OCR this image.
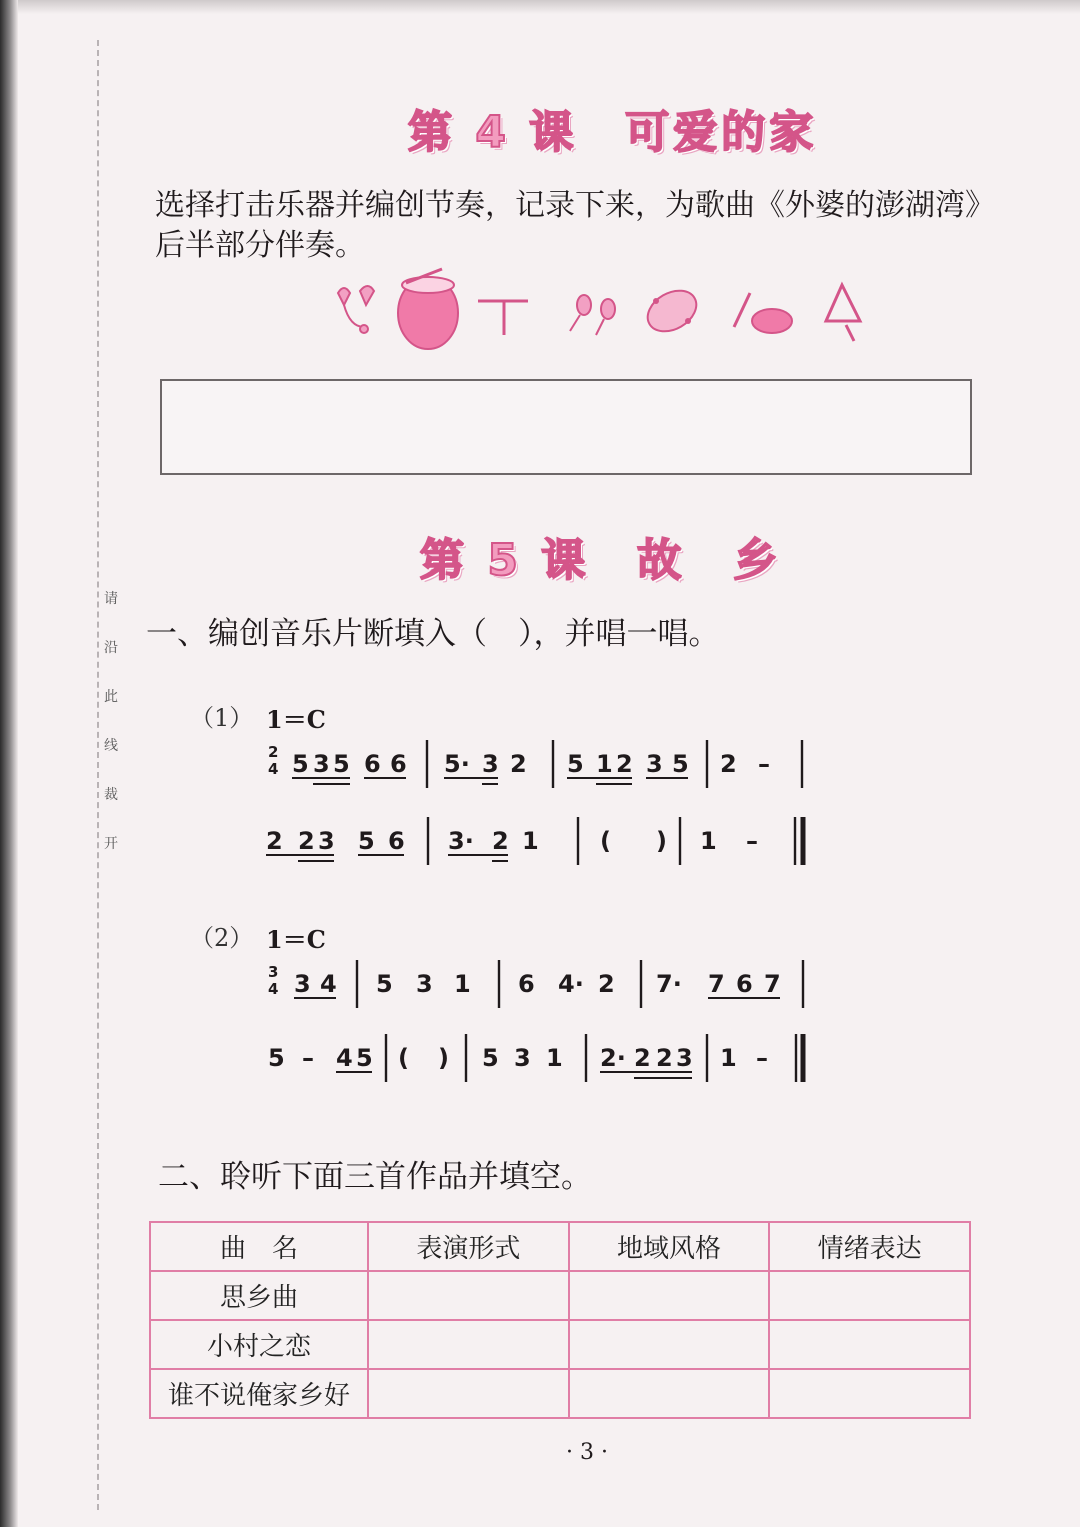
请
沿
此
线
裁
开
第 4 课　可爱的家
选择打击乐器并编创节奏，记录下来，为歌曲《外婆的澎湖湾》
后半部分伴奏。
第 5 课　故　乡
一、编创音乐片断填入（　），并唱一唱。
（1） 1＝C
（2） 1＝C
2
4 5 3 5 6 6 5· 3 2 5 1 2 3 5 2 –
2 2 3 5 6 3· 2 1	( ) 1 –
3
4 3 4 5 3 1 6 4· 2 7· 7 6 7
5 – 4 5 ( ) 5 3 1 2· 2 2 3 1 –
二、聆听下面三首作品并填空。
曲　名	表演形式	地域风格	情绪表达
思乡曲			
小村之恋			
谁不说俺家乡好			
· 3 ·
